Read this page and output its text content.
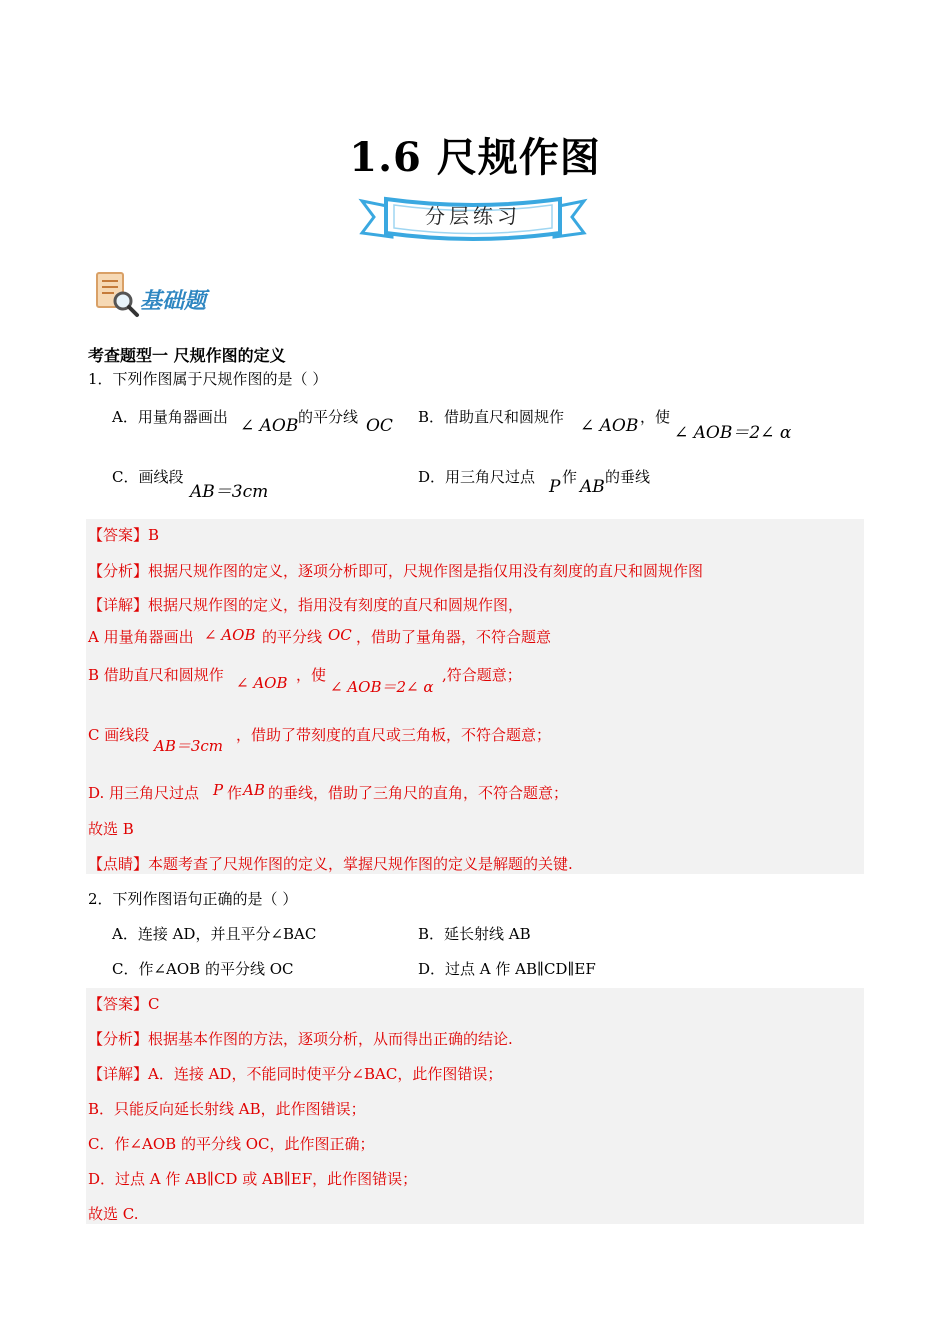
1.6 尺规作图
分层练习
基础题
考查题型一 尺规作图的定义
1．下列作图属于尺规作图的是（ ）
A．用量角器画出 ∠ AOB 的平分线 OC B．借助直尺和圆规作 ∠ AOB ，使
∠ AOB＝2∠ α
C．画线段
AB＝3cm
D．用三角尺过点 P 作 AB 的垂线
【答案】B
【分析】根据尺规作图的定义，逐项分析即可，尺规作图是指仅用没有刻度的直尺和圆规作图
【详解】根据尺规作图的定义，指用没有刻度的直尺和圆规作图，
A 用量角器画出 ∠ AOB 的平分线 OC ，借助了量角器，不符合题意
B 借助直尺和圆规作 ∠ AOB ，使
∠ AOB＝2∠ α
,符合题意；
C 画线段
AB＝3cm
，借助了带刻度的直尺或三角板，不符合题意；
D. 用三角尺过点 P 作 AB 的垂线，借助了三角尺的直角，不符合题意；
故选 B
【点睛】本题考查了尺规作图的定义，掌握尺规作图的定义是解题的关键.
2．下列作图语句正确的是（ ）
A．连接 AD，并且平分∠BAC	B．延长射线 AB
C．作∠AOB 的平分线 OC	D．过点 A 作 AB∥CD∥EF
【答案】C
【分析】根据基本作图的方法，逐项分析，从而得出正确的结论.
【详解】A．连接 AD，不能同时使平分∠BAC，此作图错误；
B．只能反向延长射线 AB，此作图错误；
C．作∠AOB 的平分线 OC，此作图正确；
D．过点 A 作 AB∥CD 或 AB∥EF，此作图错误；
故选 C.
